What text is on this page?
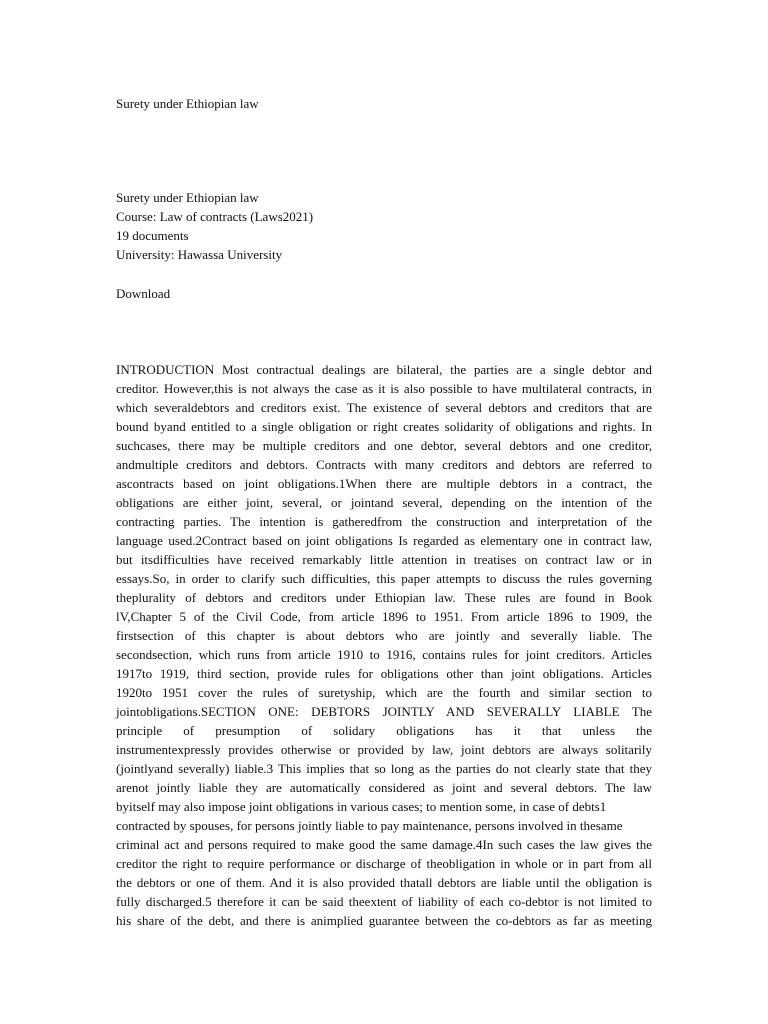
Surety under Ethiopian law
Surety under Ethiopian law
Course: Law of contracts (Laws2021)
19 documents
University: Hawassa University
Download

INTRODUCTION Most contractual dealings are bilateral, the parties are a single debtor and

creditor. However,this is not always the case as it is also possible to have multilateral contracts, in

which severaldebtors and creditors exist. The existence of several debtors and creditors that are

bound byand entitled to a single obligation or right creates solidarity of obligations and rights. In

suchcases, there may be multiple creditors and one debtor, several debtors and one creditor,

andmultiple creditors and debtors. Contracts with many creditors and debtors are referred to

ascontracts based on joint obligations.1When there are multiple debtors in a contract, the

obligations are either joint, several, or jointand several, depending on the intention of the

contracting parties. The intention is gatheredfrom the construction and interpretation of the

language used.2Contract based on joint obligations Is regarded as elementary one in contract law,

but itsdifficulties have received remarkably little attention in treatises on contract law or in

essays.So, in order to clarify such difficulties, this paper attempts to discuss the rules governing

theplurality of debtors and creditors under Ethiopian law. These rules are found in Book

lV,Chapter 5 of the Civil Code, from article 1896 to 1951. From article 1896 to 1909, the

firstsection of this chapter is about debtors who are jointly and severally liable. The

secondsection, which runs from article 1910 to 1916, contains rules for joint creditors. Articles

1917to 1919, third section, provide rules for obligations other than joint obligations. Articles

1920to 1951 cover the rules of suretyship, which are the fourth and similar section to

jointobligations.SECTION ONE: DEBTORS JOINTLY AND SEVERALLY LIABLE The

principle of presumption of solidary obligations has it that unless the

instrumentexpressly provides otherwise or provided by law, joint debtors are always solitarily

(jointlyand severally) liable.3 This implies that so long as the parties do not clearly state that they

arenot jointly liable they are automatically considered as joint and several debtors. The law

byitself may also impose joint obligations in various cases; to mention some, in case of debts1

contracted by spouses, for persons jointly liable to pay maintenance, persons involved in thesame

criminal act and persons required to make good the same damage.4In such cases the law gives the

creditor the right to require performance or discharge of theobligation in whole or in part from all

the debtors or one of them. And it is also provided thatall debtors are liable until the obligation is

fully discharged.5 therefore it can be said theextent of liability of each co-debtor is not limited to

his share of the debt, and there is animplied guarantee between the co-debtors as far as meeting
